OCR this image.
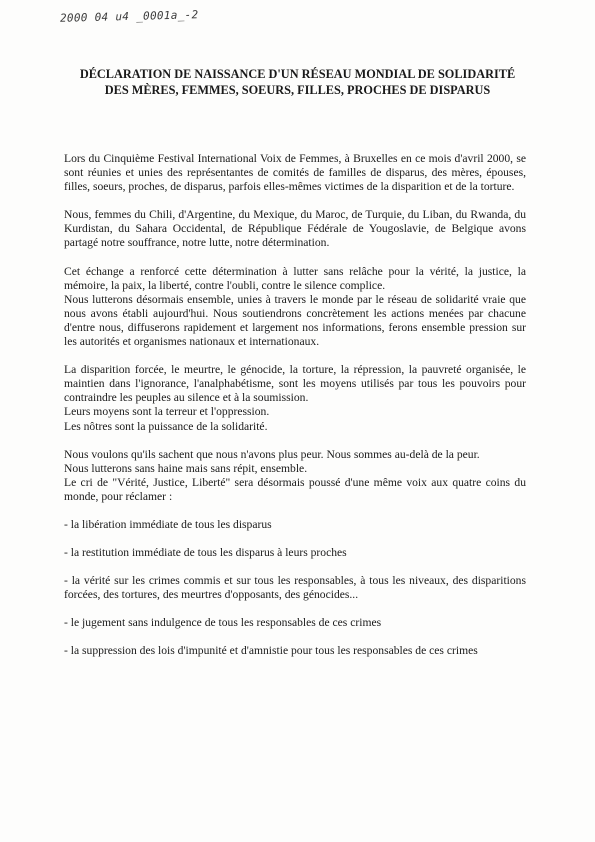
2000 04 u4 _0001a_-2
DÉCLARATION DE NAISSANCE D'UN RÉSEAU MONDIAL DE SOLIDARITÉ DES MÈRES, FEMMES, SOEURS, FILLES, PROCHES DE DISPARUS
Lors du Cinquième Festival International Voix de Femmes, à Bruxelles en ce mois d'avril 2000, se sont réunies et unies des représentantes de comités de familles de disparus, des mères, épouses, filles, soeurs, proches, de disparus, parfois elles-mêmes victimes de la disparition et de la torture.
Nous, femmes du Chili, d'Argentine, du Mexique, du Maroc, de Turquie, du Liban, du Rwanda, du Kurdistan, du Sahara Occidental, de République Fédérale de Yougoslavie, de Belgique avons partagé notre souffrance, notre lutte, notre détermination.
Cet échange a renforcé cette détermination à lutter sans relâche pour la vérité, la justice, la mémoire, la paix, la liberté, contre l'oubli, contre le silence complice.
Nous lutterons désormais ensemble, unies à travers le monde par le réseau de solidarité vraie que nous avons établi aujourd'hui. Nous soutiendrons concrètement les actions menées par chacune d'entre nous, diffuserons rapidement et largement nos informations, ferons ensemble pression sur les autorités et organismes nationaux et internationaux.
La disparition forcée, le meurtre, le génocide, la torture, la répression, la pauvreté organisée, le maintien dans l'ignorance, l'analphabétisme, sont les moyens utilisés par tous les pouvoirs pour contraindre les peuples au silence et à la soumission.
Leurs moyens sont la terreur et l'oppression.
Les nôtres sont la puissance de la solidarité.
Nous voulons qu'ils sachent que nous n'avons plus peur. Nous sommes au-delà de la peur.
Nous lutterons sans haine mais sans répit, ensemble.
Le cri de "Vérité, Justice, Liberté" sera désormais poussé d'une même voix aux quatre coins du monde, pour réclamer :
- la libération immédiate de tous les disparus
- la restitution immédiate de tous les disparus à leurs proches
- la vérité sur les crimes commis et sur tous les responsables, à tous les niveaux, des disparitions forcées, des tortures, des meurtres d'opposants, des génocides...
- le jugement sans indulgence de tous les responsables de ces crimes
- la suppression des lois d'impunité et d'amnistie pour tous les responsables de ces crimes
